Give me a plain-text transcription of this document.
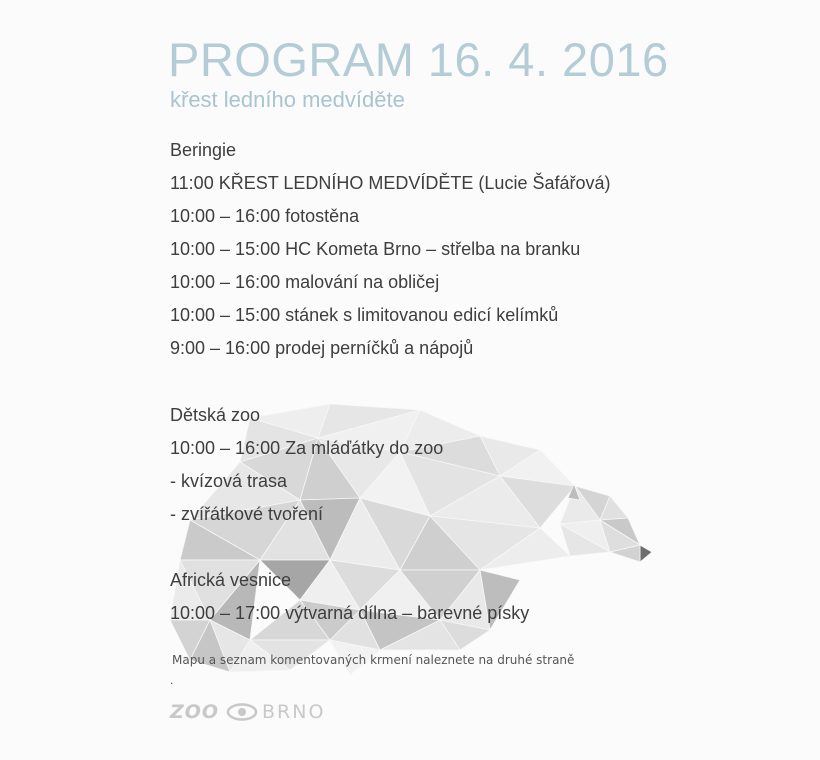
PROGRAM 16. 4. 2016
křest ledního medvíděte

Beringie

11:00 KŘEST LEDNÍHO MEDVÍDĚTE (Lucie Šafářová)

10:00 – 16:00 fotostěna

10:00 – 15:00 HC Kometa Brno – střelba na branku

10:00 – 16:00 malování na obličej

10:00 – 15:00 stánek s limitovanou edicí kelímků

9:00 – 16:00 prodej perníčků a nápojů

Dětská zoo

10:00 – 16:00 Za mláďátky do zoo

- kvízová trasa

- zvířátkové tvoření

Africká vesnice

10:00 – 17:00 výtvarná dílna – barevné písky

Mapu a seznam komentovaných krmení naleznete na druhé straně

.

ZOO BRNO
